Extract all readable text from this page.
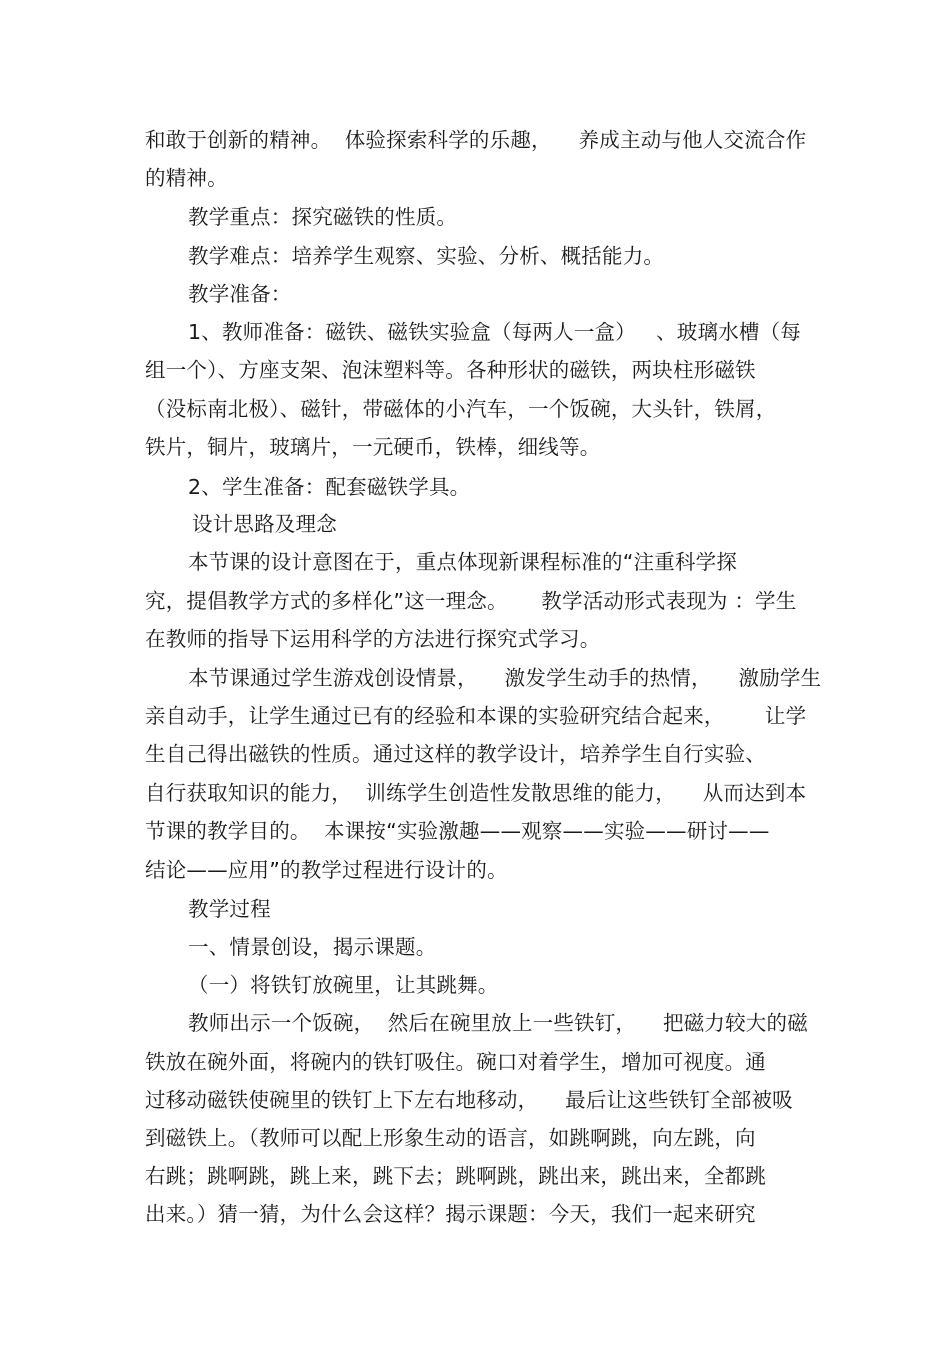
和敢于创新的精神。  体验探索科学的乐趣，    养成主动与他人交流合作
的精神。
教学重点：探究磁铁的性质。
教学难点：培养学生观察、实验、分析、概括能力。
教学准备：
1、教师准备：磁铁、磁铁实验盒（每两人一盒）   、玻璃水槽（每
组一个）、方座支架、泡沫塑料等。各种形状的磁铁，两块柱形磁铁
（没标南北极）、磁针，带磁体的小汽车，一个饭碗，大头针，铁屑，
铁片，铜片，玻璃片，一元硬币，铁棒，细线等。
2、学生准备：配套磁铁学具。
设计思路及理念
本节课的设计意图在于，重点体现新课程标准的“注重科学探
究，提倡教学方式的多样化”这一理念。     教学活动形式表现为 ：学生
在教师的指导下运用科学的方法进行探究式学习。
本节课通过学生游戏创设情景，    激发学生动手的热情，    激励学生
亲自动手，让学生通过已有的经验和本课的实验研究结合起来，      让学
生自己得出磁铁的性质。通过这样的教学设计，培养学生自行实验、
自行获取知识的能力，  训练学生创造性发散思维的能力，    从而达到本
节课的教学目的。  本课按“实验激趣——观察——实验——研讨——
结论——应用”的教学过程进行设计的。
教学过程
一、情景创设，揭示课题。
（一）将铁钉放碗里，让其跳舞。
教师出示一个饭碗，  然后在碗里放上一些铁钉，    把磁力较大的磁
铁放在碗外面，将碗内的铁钉吸住。碗口对着学生，增加可视度。通
过移动磁铁使碗里的铁钉上下左右地移动，    最后让这些铁钉全部被吸
到磁铁上。（教师可以配上形象生动的语言，如跳啊跳，向左跳，向
右跳；跳啊跳，跳上来，跳下去；跳啊跳，跳出来，跳出来，全都跳
出来。）猜一猜，为什么会这样？揭示课题：今天，我们一起来研究
